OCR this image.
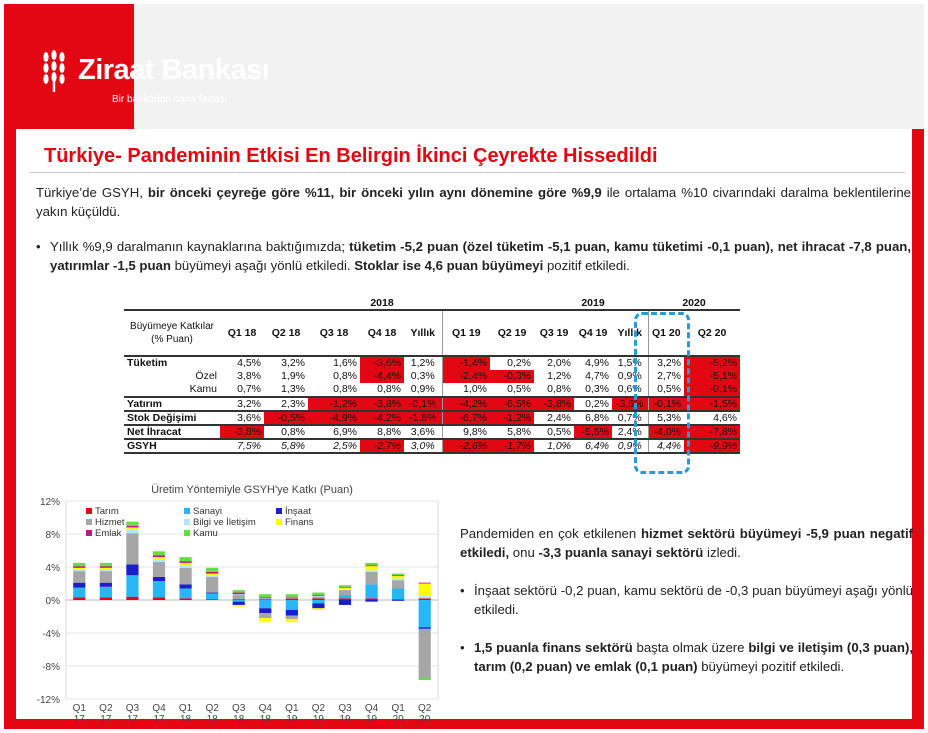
Ziraat Bankası
Bir bankadan daha fazlası
Türkiye- Pandeminin Etkisi En Belirgin İkinci Çeyrekte Hissedildi
Türkiye’de GSYH, bir önceki çeyreğe göre %11, bir önceki yılın aynı dönemine göre %9,9 ile ortalama %10 civarındaki daralma beklentilerine yakın küçüldü.
• Yıllık %9,9 daralmanın kaynaklarına baktığımızda; tüketim -5,2 puan (özel tüketim -5,1 puan, kamu tüketimi -0,1 puan), net ihracat -7,8 puan, yatırımlar -1,5 puan büyümeyi aşağı yönlü etkiledi. Stoklar ise 4,6 puan büyümeyi pozitif etkiledi.
				2018					2019		2020	
Büyümeye Katkılar (% Puan)	Q1 18	Q2 18	Q3 18	Q4 18	Yıllık	Q1 19	Q2 19	Q3 19	Q4 19	Yıllık	Q1 20	Q2 20
Tüketim	4,5%	3,2%	1,6%	-3,6%	1,2%	-1,4%	0,2%	2,0%	4,9%	1,5%	3,2%	-5,2%
Özel	3,8%	1,9%	0,8%	-4,4%	0,3%	-2,4%	-0,3%	1,2%	4,7%	0,9%	2,7%	-5,1%
Kamu	0,7%	1,3%	0,8%	0,8%	0,9%	1,0%	0,5%	0,8%	0,3%	0,6%	0,5%	-0,1%
Yatırım	3,2%	2,3%	-1,2%	-3,8%	-0,1%	-4,2%	-6,5%	-3,8%	0,2%	-3,6%	-0,1%	-1,5%
Stok Değişimi	3,6%	-0,5%	-4,9%	-4,2%	-1,8%	-6,7%	-1,2%	2,4%	6,8%	0,7%	5,3%	4,6%
Net İhracat	-3,8%	0,8%	6,9%	8,8%	3,6%	9,8%	5,8%	0,5%	-5,5%	2,4%	-4,0%	-7,8%
GSYH	7,5%	5,8%	2,5%	-2,7%	3,0%	-2,6%	-1,7%	1,0%	6,4%	0,9%	4,4%	-9,9%
Üretim Yöntemiyle GSYH'ye Katkı (Puan)
12%
8%
4%
0%
-4%
-8%
-12%
Q1
17
Q2
17
Q3
17
Q4
17
Q1
18
Q2
18
Q3
18
Q4
18
Q1
19
Q2
19
Q3
19
Q4
19
Q1
20
Q2
20
Tarım	Sanayi	İnşaat
Hizmet	Bilgi ve İletişim	Finans
Emlak	Kamu	Pandemiden en çok etkilenen hizmet sektörü büyümeyi -5,9 puan negatif etkiledi, onu -3,3 puanla sanayi sektörü izledi.
• İnşaat sektörü -0,2 puan, kamu sektörü de -0,3 puan büyümeyi aşağı yönlü etkiledi.
• 1,5 puanla finans sektörü başta olmak üzere bilgi ve iletişim (0,3 puan), tarım (0,2 puan) ve emlak (0,1 puan) büyümeyi pozitif etkiledi.
